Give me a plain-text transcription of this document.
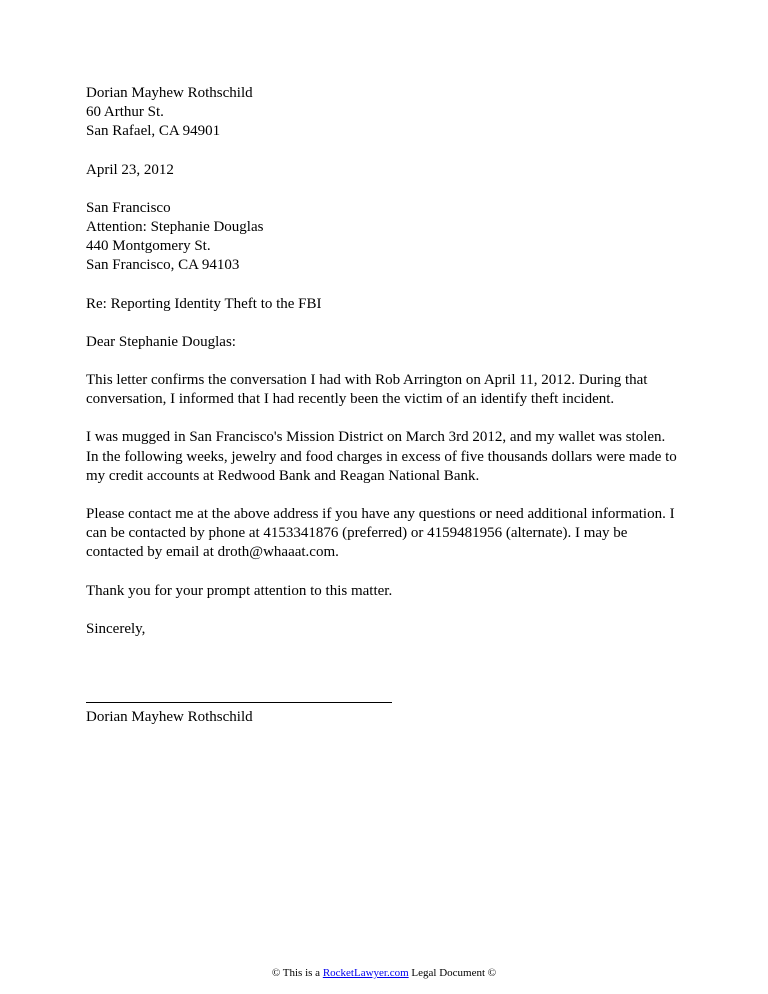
Dorian Mayhew Rothschild
60 Arthur St.
San Rafael, CA 94901
April 23, 2012
San Francisco
Attention: Stephanie Douglas
440 Montgomery St.
San Francisco, CA 94103
Re: Reporting Identity Theft to the FBI
Dear Stephanie Douglas:
This letter confirms the conversation I had with Rob Arrington on April 11, 2012. During that
conversation, I informed that I had recently been the victim of an identify theft incident.
I was mugged in San Francisco's Mission District on March 3rd 2012, and my wallet was stolen.
In the following weeks, jewelry and food charges in excess of five thousands dollars were made to
my credit accounts at Redwood Bank and Reagan National Bank.
Please contact me at the above address if you have any questions or need additional information. I
can be contacted by phone at 4153341876 (preferred) or 4159481956 (alternate). I may be
contacted by email at droth@whaaat.com.
Thank you for your prompt attention to this matter.
Sincerely,
Dorian Mayhew Rothschild
© This is a RocketLawyer.com Legal Document ©
